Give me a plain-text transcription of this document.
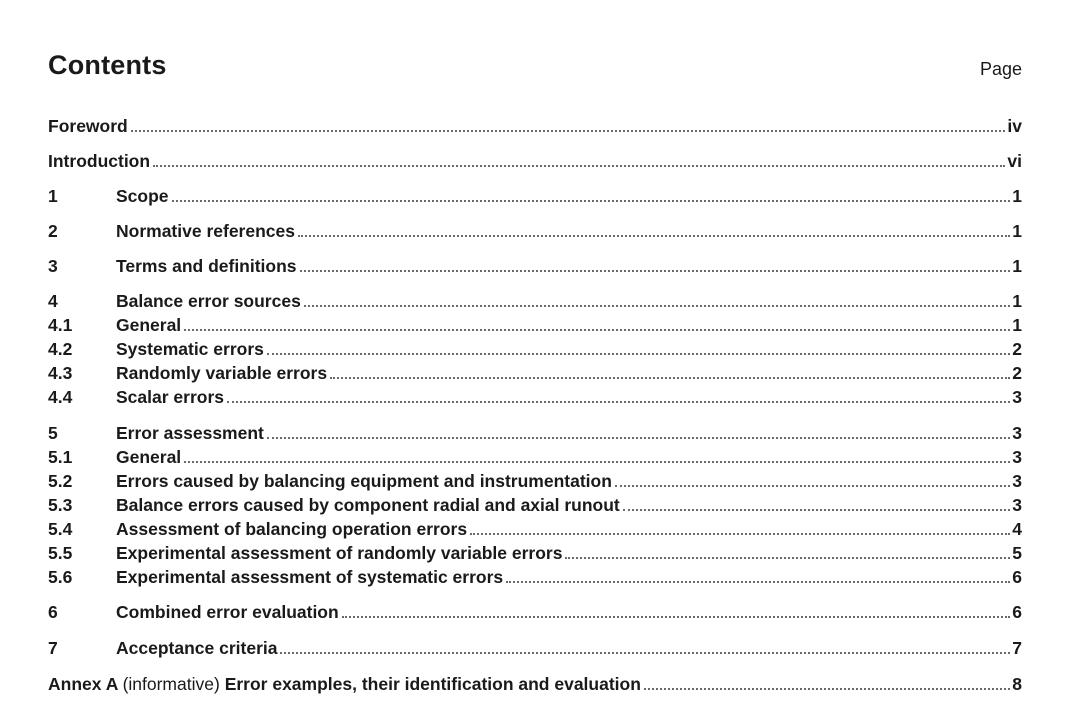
Contents	Page
Foreword	iv
Introduction	vi
1	Scope	1
2	Normative references	1
3	Terms and definitions	1
4	Balance error sources	1
4.1	General	1
4.2	Systematic errors	2
4.3	Randomly variable errors	2
4.4	Scalar errors	3
5	Error assessment	3
5.1	General	3
5.2	Errors caused by balancing equipment and instrumentation	3
5.3	Balance errors caused by component radial and axial runout	3
5.4	Assessment of balancing operation errors	4
5.5	Experimental assessment of randomly variable errors	5
5.6	Experimental assessment of systematic errors	6
6	Combined error evaluation	6
7	Acceptance criteria	7
Annex A (informative) Error examples, their identification and evaluation	8
